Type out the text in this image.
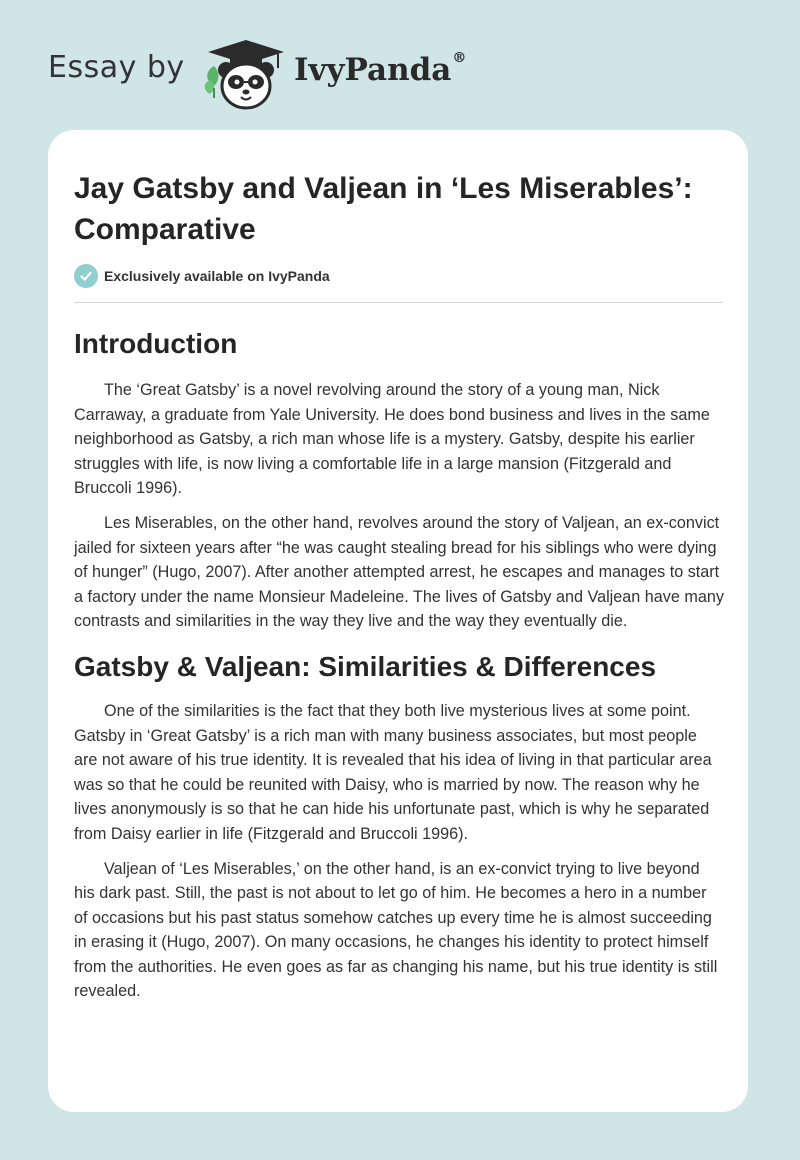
Essay by	IvyPanda®
Jay Gatsby and Valjean in ‘Les Miserables’: Comparative
Exclusively available on IvyPanda
Introduction

The ‘Great Gatsby’ is a novel revolving around the story of a young man, Nick Carraway, a graduate from Yale University. He does bond business and lives in the same neighborhood as Gatsby, a rich man whose life is a mystery. Gatsby, despite his earlier struggles with life, is now living a comfortable life in a large mansion (Fitzgerald and Bruccoli 1996).

Les Miserables, on the other hand, revolves around the story of Valjean, an ex-convict jailed for sixteen years after “he was caught stealing bread for his siblings who were dying of hunger” (Hugo, 2007). After another attempted arrest, he escapes and manages to start a factory under the name Monsieur Madeleine. The lives of Gatsby and Valjean have many contrasts and similarities in the way they live and the way they eventually die.

Gatsby & Valjean: Similarities & Differences

One of the similarities is the fact that they both live mysterious lives at some point. Gatsby in ‘Great Gatsby’ is a rich man with many business associates, but most people are not aware of his true identity. It is revealed that his idea of living in that particular area was so that he could be reunited with Daisy, who is married by now. The reason why he lives anonymously is so that he can hide his unfortunate past, which is why he separated from Daisy earlier in life (Fitzgerald and Bruccoli 1996).

Valjean of ‘Les Miserables,’ on the other hand, is an ex-convict trying to live beyond his dark past. Still, the past is not about to let go of him. He becomes a hero in a number of occasions but his past status somehow catches up every time he is almost succeeding in erasing it (Hugo, 2007). On many occasions, he changes his identity to protect himself from the authorities. He even goes as far as changing his name, but his true identity is still revealed.
